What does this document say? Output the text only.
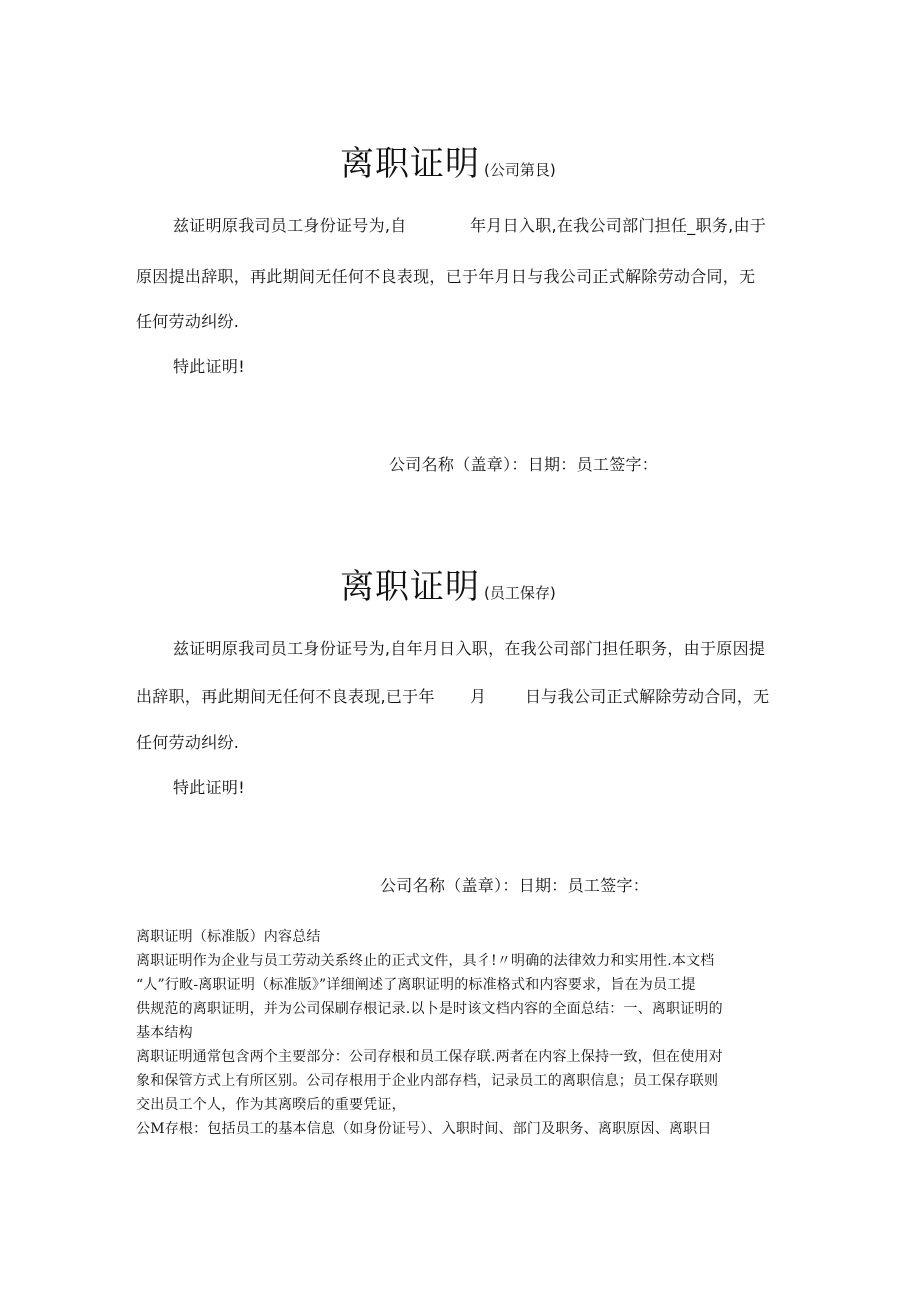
离职证明 (公司第艮)
兹证明原我司员工身份证号为,自	年月日入职,在我公司部门担任_职务,由于
原因提出辞职，再此期间无任何不良表现，已于年月日与我公司正式解除劳动合同，无
任何劳动纠纷.
特此证明!
公司名称（盖章）：日期：员工签字：
离职证明 (员工保存)
兹证明原我司员工身份证号为,自年月日入职，在我公司部门担任职务，由于原因提
出辞职，再此期间无任何不良表现,已于年 月 日与我公司正式解除劳动合同，无
任何劳动纠纷.
特此证明!
公司名称（盖章）：日期：员工签字：
离职证明（标准版）内容总结
离职证明作为企业与员工劳动关系终止的正式文件，具彳!〃明确的法律效力和实用性.本文档
“人”行畋-离职证明（标准版》”详细阐述了离职证明的标准格式和内容要求，旨在为员工提
供规范的离职证明，并为公司保刷存根记录.以卜是时该文档内容的全面总结：一、离职证明的
基本结构
离职证明通常包含两个主要部分：公司存根和员工保存联.两者在内容上保持一致，但在使用对
象和保管方式上有所区别。公司存根用于企业内部存档，记录员工的离职信息；员工保存联则
交出员工个人，作为其离暌后的重要凭证，
公M存根：包括员工的基本信息（如身份证号）、入职时间、部门及职务、离职原因、离职日
